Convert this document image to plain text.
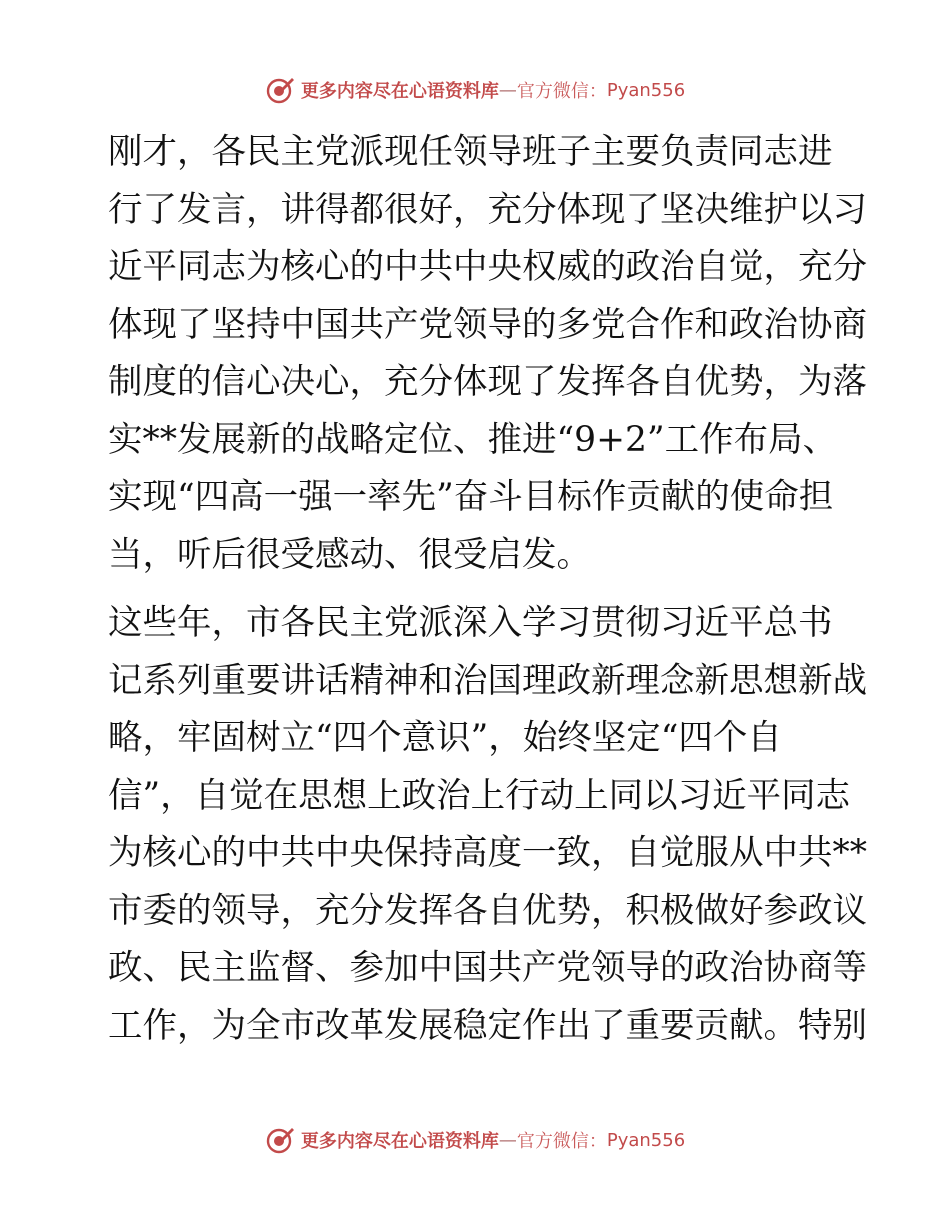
更多内容尽在心语资料库 — 官方微信： Pyan556

刚才，各民主党派现任领导班子主要负责同志进
行了发言，讲得都很好，充分体现了坚决维护以习
近平同志为核心的中共中央权威的政治自觉，充分
体现了坚持中国共产党领导的多党合作和政治协商
制度的信心决心，充分体现了发挥各自优势，为落
实**发展新的战略定位、推进“9+2”工作布局、
实现“四高一强一率先”奋斗目标作贡献的使命担
当，听后很受感动、很受启发。

这些年，市各民主党派深入学习贯彻习近平总书
记系列重要讲话精神和治国理政新理念新思想新战
略，牢固树立“四个意识”，始终坚定“四个自
信”，自觉在思想上政治上行动上同以习近平同志
为核心的中共中央保持高度一致，自觉服从中共**
市委的领导，充分发挥各自优势，积极做好参政议
政、民主监督、参加中国共产党领导的政治协商等
工作，为全市改革发展稳定作出了重要贡献。特别

更多内容尽在心语资料库 — 官方微信： Pyan556
